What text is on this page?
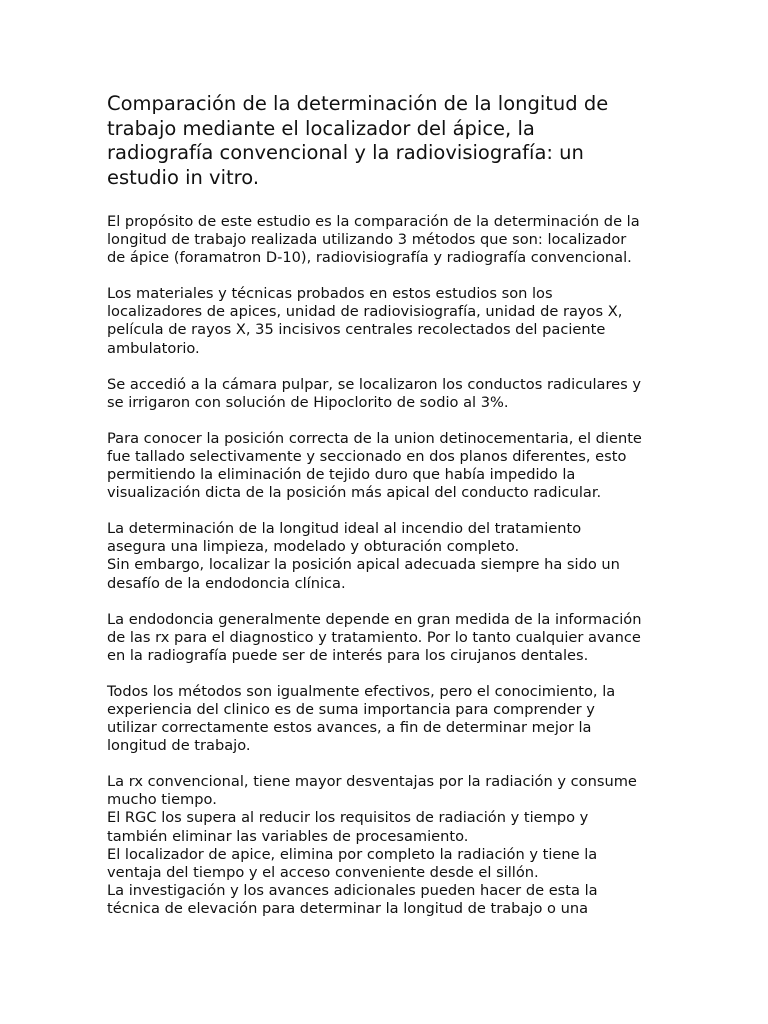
Comparación de la determinación de la longitud de
trabajo mediante el localizador del ápice, la
radiografía convencional y la radiovisiografía: un
estudio in vitro.

El propósito de este estudio es la comparación de la determinación de la
longitud de trabajo realizada utilizando 3 métodos que son: localizador
de ápice (foramatron D-10), radiovisiografía y radiografía convencional.

Los materiales y técnicas probados en estos estudios son los
localizadores de apices, unidad de radiovisiografía, unidad de rayos X,
película de rayos X, 35 incisivos centrales recolectados del paciente
ambulatorio.

Se accedió a la cámara pulpar, se localizaron los conductos radiculares y
se irrigaron con solución de Hipoclorito de sodio al 3%.

Para conocer la posición correcta de la union detinocementaria, el diente
fue tallado selectivamente y seccionado en dos planos diferentes, esto
permitiendo la eliminación de tejido duro que había impedido la
visualización dicta de la posición más apical del conducto radicular.

La determinación de la longitud ideal al incendio del tratamiento
asegura una limpieza, modelado y obturación completo.
Sin embargo, localizar la posición apical adecuada siempre ha sido un
desafío de la endodoncia clínica.

La endodoncia generalmente depende en gran medida de la información
de las rx para el diagnostico y tratamiento. Por lo tanto cualquier avance
en la radiografía puede ser de interés para los cirujanos dentales.

Todos los métodos son igualmente efectivos, pero el conocimiento, la
experiencia del clinico es de suma importancia para comprender y
utilizar correctamente estos avances, a fin de determinar mejor la
longitud de trabajo.

La rx convencional, tiene mayor desventajas por la radiación y consume
mucho tiempo.
El RGC los supera al reducir los requisitos de radiación y tiempo y
también eliminar las variables de procesamiento.
El localizador de apice, elimina por completo la radiación y tiene la
ventaja del tiempo y el acceso conveniente desde el sillón.
La investigación y los avances adicionales pueden hacer de esta la
técnica de elevación para determinar la longitud de trabajo o una
